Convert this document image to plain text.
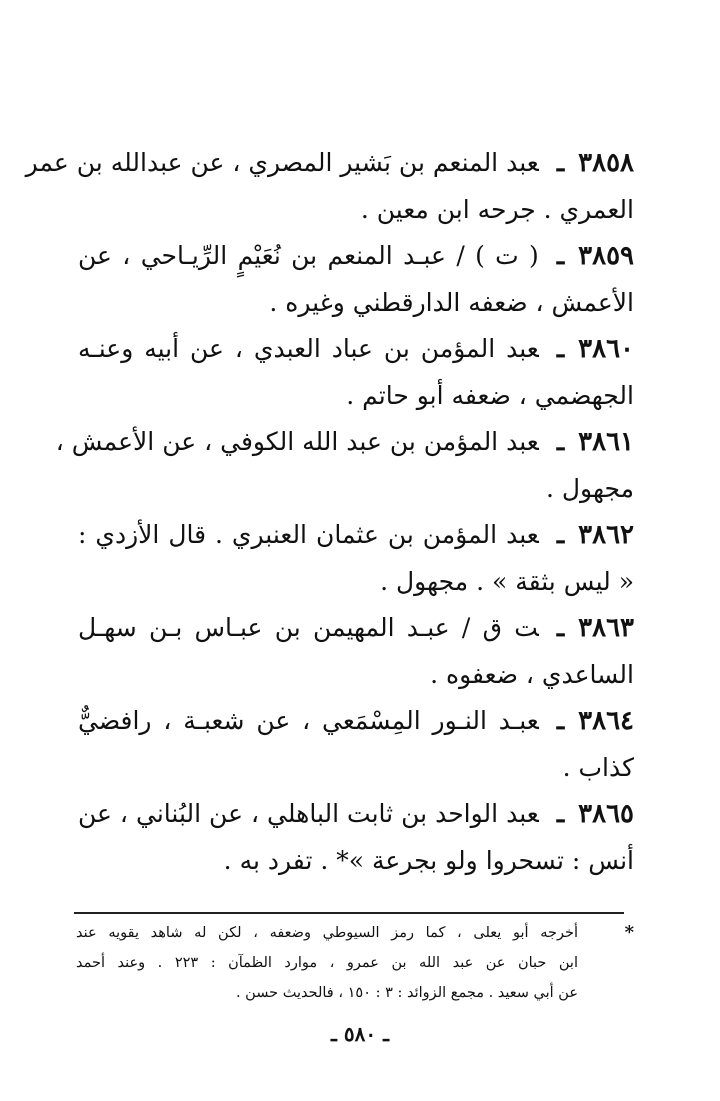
٣٨٥٨ـعبد المنعم بن بَشير المصري ، عن عبدالله بن عمر
العمري . جرحه ابن معين .
٣٨٥٩ـ( ت ) / عبـد المنعم بن نُعَيْمٍ الرِّيـاحي ، عن
الأعمش ، ضعفه الدارقطني وغيره .
٣٨٦٠ـعبد المؤمن بن عباد العبدي ، عن أبيه وعنـه
الجهضمي ، ضعفه أبو حاتم .
٣٨٦١ـعبد المؤمن بن عبد الله الكوفي ، عن الأعمش ،
مجهول .
٣٨٦٢ـعبد المؤمن بن عثمان العنبري . قال الأزدي :
« ليس بثقة » . مجهول .
٣٨٦٣ـت ق / عبـد المهيمن بن عبـاس بـن سهـل
الساعدي ، ضعفوه .
٣٨٦٤ـعبـد النـور المِسْمَعي ، عن شعبـة ، رافضيٌّ
كذاب .
٣٨٦٥ـعبد الواحد بن ثابت الباهلي ، عن البُناني ، عن
أنس : تسحروا ولو بجرعة »* . تفرد به .
*
أخرجه أبو يعلى ، كما رمز السيوطي وضعفه ، لكن له شاهد يقويه عند
ابن حبان عن عبد الله بن عمرو ، موارد الظمآن : ٢٢٣ . وعند أحمد
عن أبي سعيد . مجمع الزوائد : ٣ : ١٥٠ ، فالحديث حسن .
ـ ٥٨٠ ـ
